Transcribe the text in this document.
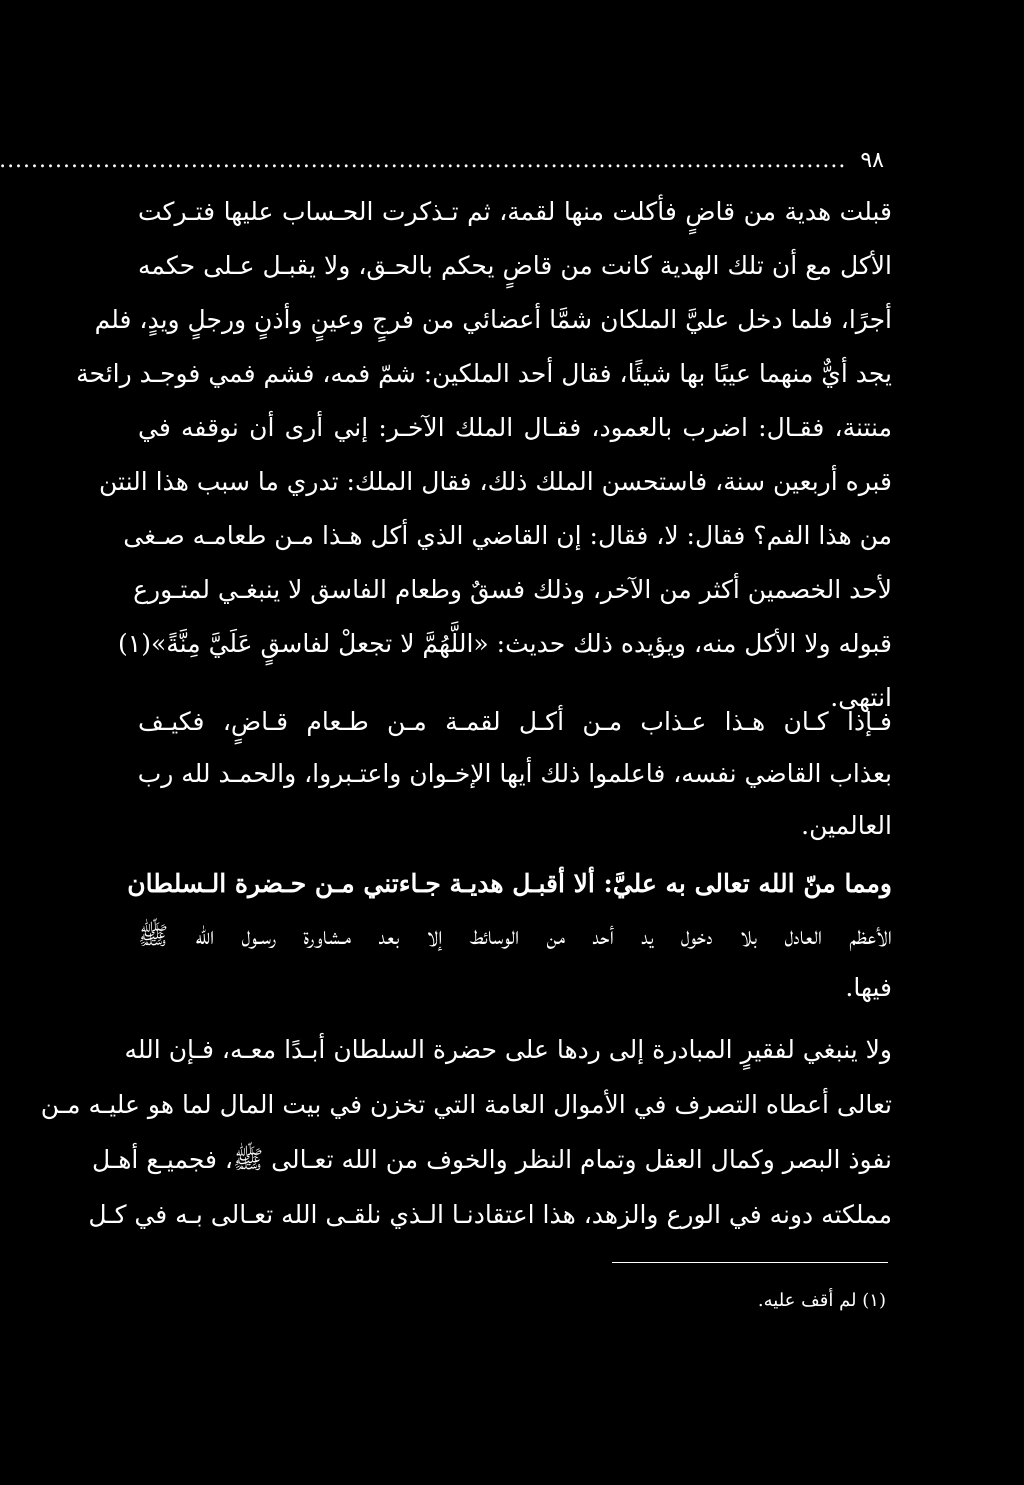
٩٨
.....
قبلت هدية من قاضٍ فأكلت منها لقمة، ثم تـذكرت الحـساب عليها فتـركت
الأكل مع أن تلك الهدية كانت من قاضٍ يحكم بالحـق، ولا يقبـل عـلى حكمه
أجرًا، فلما دخل عليَّ الملكان شمَّا أعضائي من فرجٍ وعينٍ وأذنٍ ورجلٍ ويدٍ، فلم
يجد أيٌّ منهما عيبًا بها شيئًا، فقال أحد الملكين: شمّ فمه، فشم فمي فوجـد رائحة
منتنة، فقـال: اضرب بالعمود، فقـال الملك الآخـر: إني أرى أن نوقفه في
قبره أربعين سنة، فاستحسن الملك ذلك، فقال الملك: تدري ما سبب هذا النتن
من هذا الفم؟ فقال: لا، فقال: إن القاضي الذي أكل هـذا مـن طعامـه صـغى
لأحد الخصمين أكثر من الآخر، وذلك فسقٌ وطعام الفاسق لا ينبغـي لمتـورع
قبوله ولا الأكل منه، ويؤيده ذلك حديث: «اللَّهُمَّ لا تجعلْ لفاسقٍ عَلَيَّ مِنَّةً»(١)
انتهى.
فـإذا كـان هـذا عـذاب مـن أكـل لقمـة مـن طـعام قـاضٍ، فكيـف
بعذاب القاضي نفسه، فاعلموا ذلك أيها الإخـوان واعتـبروا، والحمـد لله رب
العالمين.
ومما منّ الله تعالى به عليَّ: ألا أقبـل هديـة جـاءتني مـن حـضرة الـسلطان
الأعظم العادل بلا دخول يد أحد من الوسائط إلا بعد مـشاورة رسـول الله ﷺ
فيها.
ولا ينبغي لفقيرٍ المبادرة إلى ردها على حضرة السلطان أبـدًا معـه، فـإن الله
تعالى أعطاه التصرف في الأموال العامة التي تخزن في بيت المال لما هو عليـه مـن
نفوذ البصر وكمال العقل وتمام النظر والخوف من الله تعـالى ﷺ، فجميـع أهـل
مملكته دونه في الورع والزهد، هذا اعتقادنـا الـذي نلقـى الله تعـالى بـه في كـل
(١) لم أقف عليه.
